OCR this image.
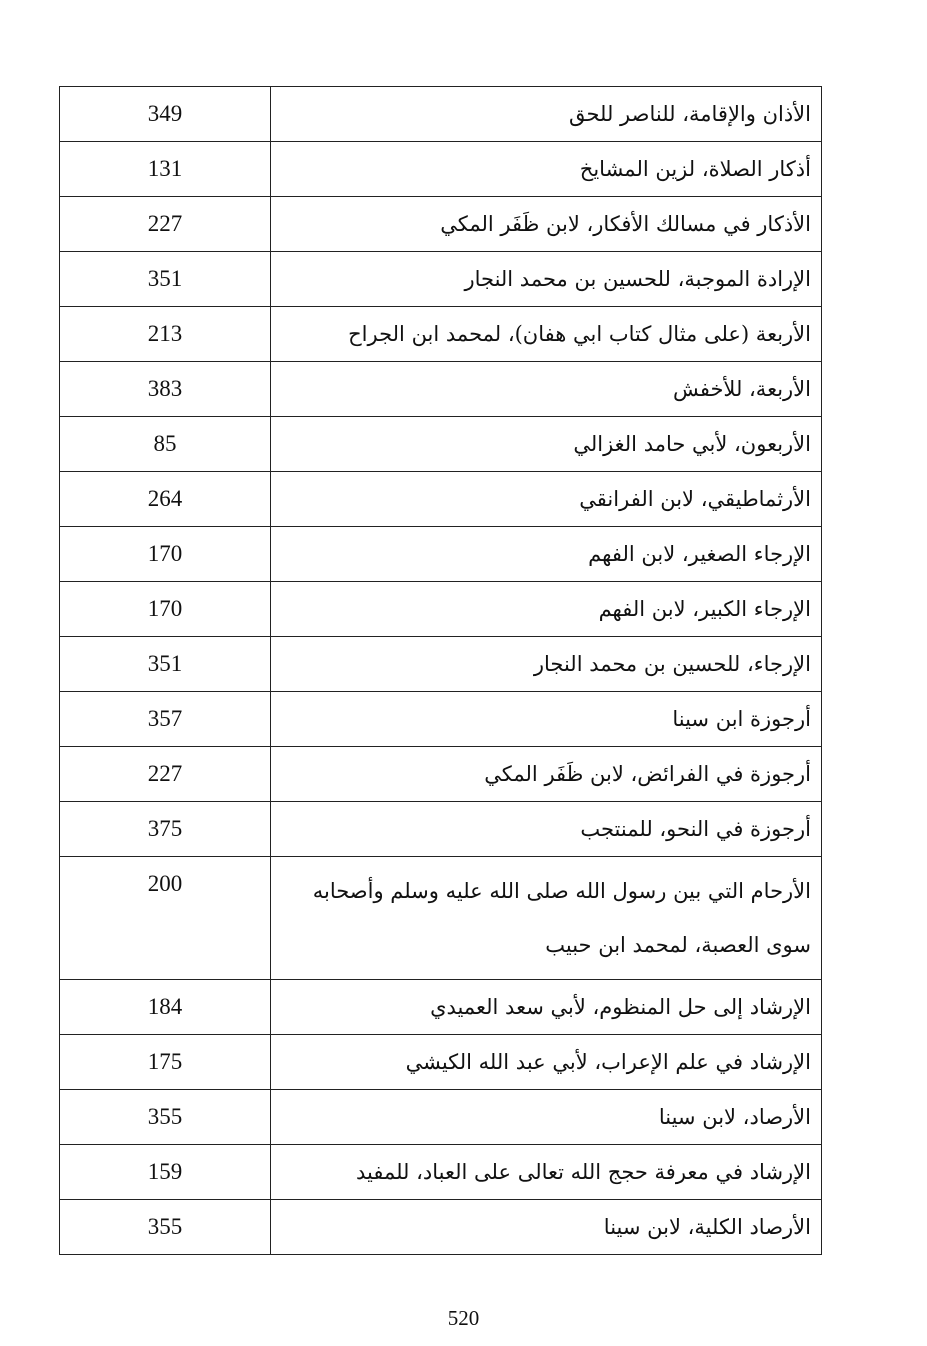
349	الأذان والإقامة، للناصر للحق
131	أذكار الصلاة، لزين المشايخ
227	الأذكار في مسالك الأفكار، لابن ظَفَر المكي
351	الإرادة الموجبة، للحسين بن محمد النجار
213	الأربعة (على مثال كتاب ابي هفان)، لمحمد ابن الجراح
383	الأربعة، للأخفش
85	الأربعون، لأبي حامد الغزالي
264	الأرثماطيقي، لابن الفرانقي
170	الإرجاء الصغير، لابن الفهم
170	الإرجاء الكبير، لابن الفهم
351	الإرجاء، للحسين بن محمد النجار
357	أرجوزة ابن سينا
227	أرجوزة في الفرائض، لابن ظَفَر المكي
375	أرجوزة في النحو، للمنتجب
200	الأرحام التي بين رسول الله صلى الله عليه وسلم وأصحابه سوى العصبة، لمحمد ابن حبيب
184	الإرشاد إلى حل المنظوم، لأبي سعد العميدي
175	الإرشاد في علم الإعراب، لأبي عبد الله الكيشي
355	الأرصاد، لابن سينا
159	الإرشاد في معرفة حجج الله تعالى على العباد، للمفيد
355	الأرصاد الكلية، لابن سينا
520
